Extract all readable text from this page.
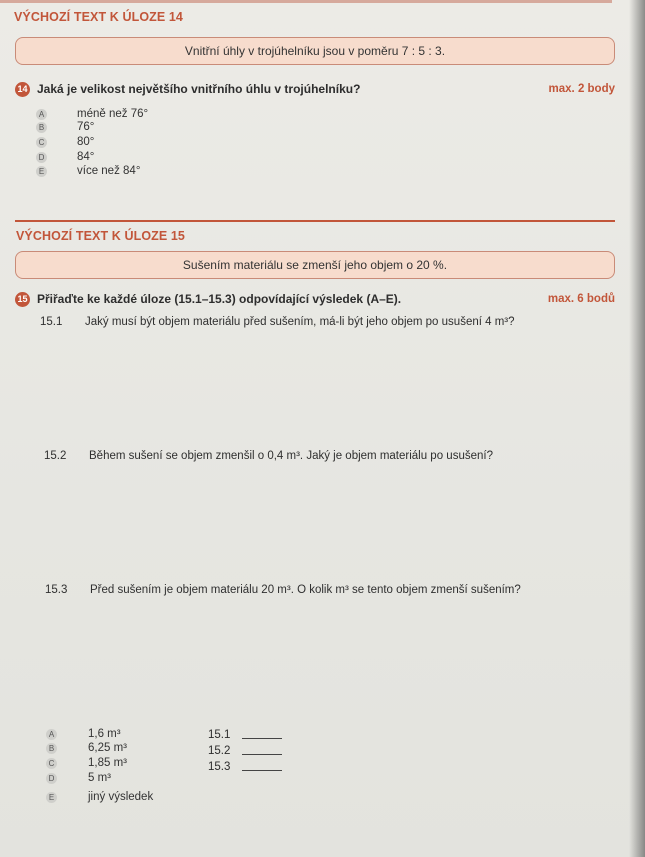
VÝCHOZÍ TEXT K ÚLOZE 14
Vnitřní úhly v trojúhelníku jsou v poměru 7 : 5 : 3.
14 Jaká je velikost největšího vnitřního úhlu v trojúhelníku?	max. 2 body
A	méně než 76°
B	76°
C	80°
D	84°
E	více než 84°
VÝCHOZÍ TEXT K ÚLOZE 15
Sušením materiálu se zmenší jeho objem o 20 %.
15 Přiřaďte ke každé úloze (15.1–15.3) odpovídající výsledek (A–E).	max. 6 bodů
15.1	Jaký musí být objem materiálu před sušením, má-li být jeho objem po usušení 4 m³?
15.2	Během sušení se objem zmenšil o 0,4 m³. Jaký je objem materiálu po usušení?
15.3	Před sušením je objem materiálu 20 m³. O kolik m³ se tento objem zmenší sušením?
A	1,6 m³
B	6,25 m³
C	1,85 m³
D	5 m³
E	jiný výsledek
15.1
15.2
15.3
